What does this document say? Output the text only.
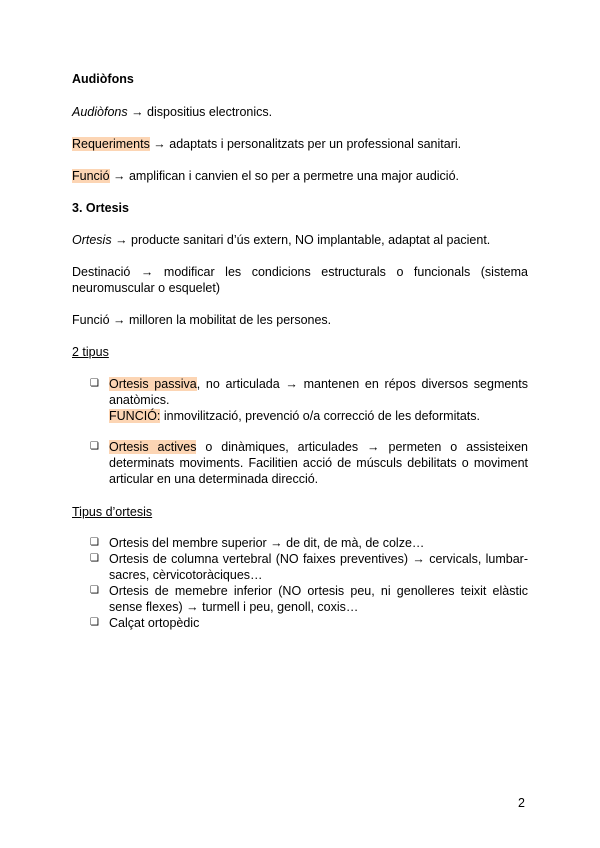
Audiòfons
Audiòfons → dispositius electronics.
Requeriments → adaptats i personalitzats per un professional sanitari.
Funció → amplifican i canvien el so per a permetre una major audició.
3. Ortesis
Ortesis → producte sanitari d’ús extern, NO implantable, adaptat al pacient.
Destinació → modificar les condicions estructurals o funcionals (sistema neuromuscular o esquelet)
Funció → milloren la mobilitat de les persones.
2 tipus
❏ Ortesis passiva, no articulada → mantenen en répos diversos segments anatòmics.
FUNCIÓ: inmovilització, prevenció o/a correcció de les deformitats.
❏ Ortesis actives o dinàmiques, articulades → permeten o assisteixen determinats moviments. Facilitien acció de músculs debilitats o moviment articular en una determinada direcció.
Tipus d’ortesis
❏ Ortesis del membre superior → de dit, de mà, de colze…
❏ Ortesis de columna vertebral (NO faixes preventives) → cervicals, lumbar-sacres, cèrvicotoràciques…
❏ Ortesis de memebre inferior (NO ortesis peu, ni genolleres teixit elàstic sense flexes) → turmell i peu, genoll, coxis…
❏ Calçat ortopèdic
2
